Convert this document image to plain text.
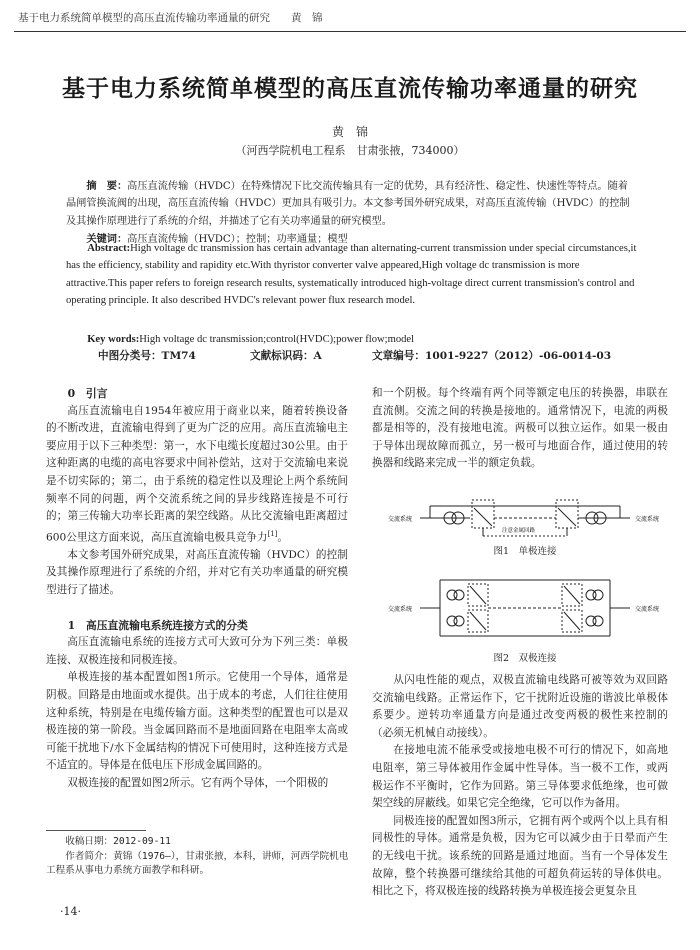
基于电力系统简单模型的高压直流传输功率通量的研究　　黄　锦
基于电力系统简单模型的高压直流传输功率通量的研究
黄　锦
（河西学院机电工程系　甘肃张掖，734000）
摘　要：高压直流传输（HVDC）在特殊情况下比交流传输具有一定的优势，具有经济性、稳定性、快速性等特点。随着晶闸管换流阀的出现，高压直流传输（HVDC）更加具有吸引力。本文参考国外研究成果，对高压直流传输（HVDC）的控制及其操作原理进行了系统的介绍，并描述了它有关功率通量的研究模型。
关键词：高压直流传输（HVDC）；控制；功率通量；模型
Abstract:High voltage dc transmission has certain advantage than alternating-current transmission under special circumstances,it has the efficiency, stability and rapidity etc.With thyristor converter valve appeared,High voltage dc transmission is more attractive.This paper refers to foreign research results, systematically introduced high-voltage direct current transmission's control and operating principle. It also described HVDC's relevant power flux research model.
Key words:High voltage dc transmission;control(HVDC);power flow;model
中图分类号：TM74	文献标识码：A	文章编号：1001-9227（2012）-06-0014-03

0　引言

高压直流输电自1954年被应用于商业以来，随着转换设备的不断改进，直流输电得到了更为广泛的应用。高压直流输电主要应用于以下三种类型：第一，水下电缆长度超过30公里。由于这种距离的电缆的高电容要求中间补偿站，这对于交流输电来说是不切实际的；第二，由于系统的稳定性以及理论上两个系统间频率不同的问题，两个交流系统之间的异步线路连接是不可行的；第三传输大功率长距离的架空线路。从比交流输电距离超过600公里这方面来说，高压直流输电极具竞争力[1]。

本文参考国外研究成果，对高压直流传输（HVDC）的控制及其操作原理进行了系统的介绍，并对它有关功率通量的研究模型进行了描述。

1　高压直流输电系统连接方式的分类

高压直流输电系统的连接方式可大致可分为下列三类：单极连接、双极连接和同极连接。

单极连接的基本配置如图1所示。它使用一个导体，通常是阴极。回路是由地面或水提供。出于成本的考虑，人们往往使用这种系统，特别是在电缆传输方面。这种类型的配置也可以是双极连接的第一阶段。当金属回路而不是地面回路在电阻率太高或可能干扰地下/水下金属结构的情况下可使用时，这种连接方式是不适宜的。导体是在低电压下形成金属回路的。

双极连接的配置如图2所示。它有两个导体，一个阳极的

和一个阴极。每个终端有两个同等额定电压的转换器，串联在直流侧。交流之间的转换是接地的。通常情况下，电流的两极都是相等的，没有接地电流。两极可以独立运作。如果一极由于导体出现故障而孤立，另一极可与地面合作，通过使用的转换器和线路来完成一半的额定负载。

交流系统	交流系统
注意金属回路
图1　单极连接
交流系统	交流系统
图2　双极连接

从闪电性能的观点，双极直流输电线路可被等效为双回路交流输电线路。正常运作下，它干扰附近设施的谐波比单极体系要少。逆转功率通量方向是通过改变两极的极性来控制的（必须无机械自动接线）。

在接地电流不能承受或接地电极不可行的情况下，如高地电阻率，第三导体被用作金属中性导体。当一极不工作，或两极运作不平衡时，它作为回路。第三导体要求低绝缘，也可做架空线的屏蔽线。如果它完全绝缘，它可以作为备用。

同极连接的配置如图3所示，它拥有两个或两个以上具有相同极性的导体。通常是负极，因为它可以减少由于日晕而产生的无线电干扰。该系统的回路是通过地面。当有一个导体发生故障，整个转换器可继续给其他的可超负荷运转的导体供电。相比之下，将双极连接的线路转换为单极连接会更复杂且

收稿日期：2012-09-11

作者简介：黄锦（1976—），甘肃张掖，本科，讲师，河西学院机电工程系从事电力系统方面教学和科研。

·14·
